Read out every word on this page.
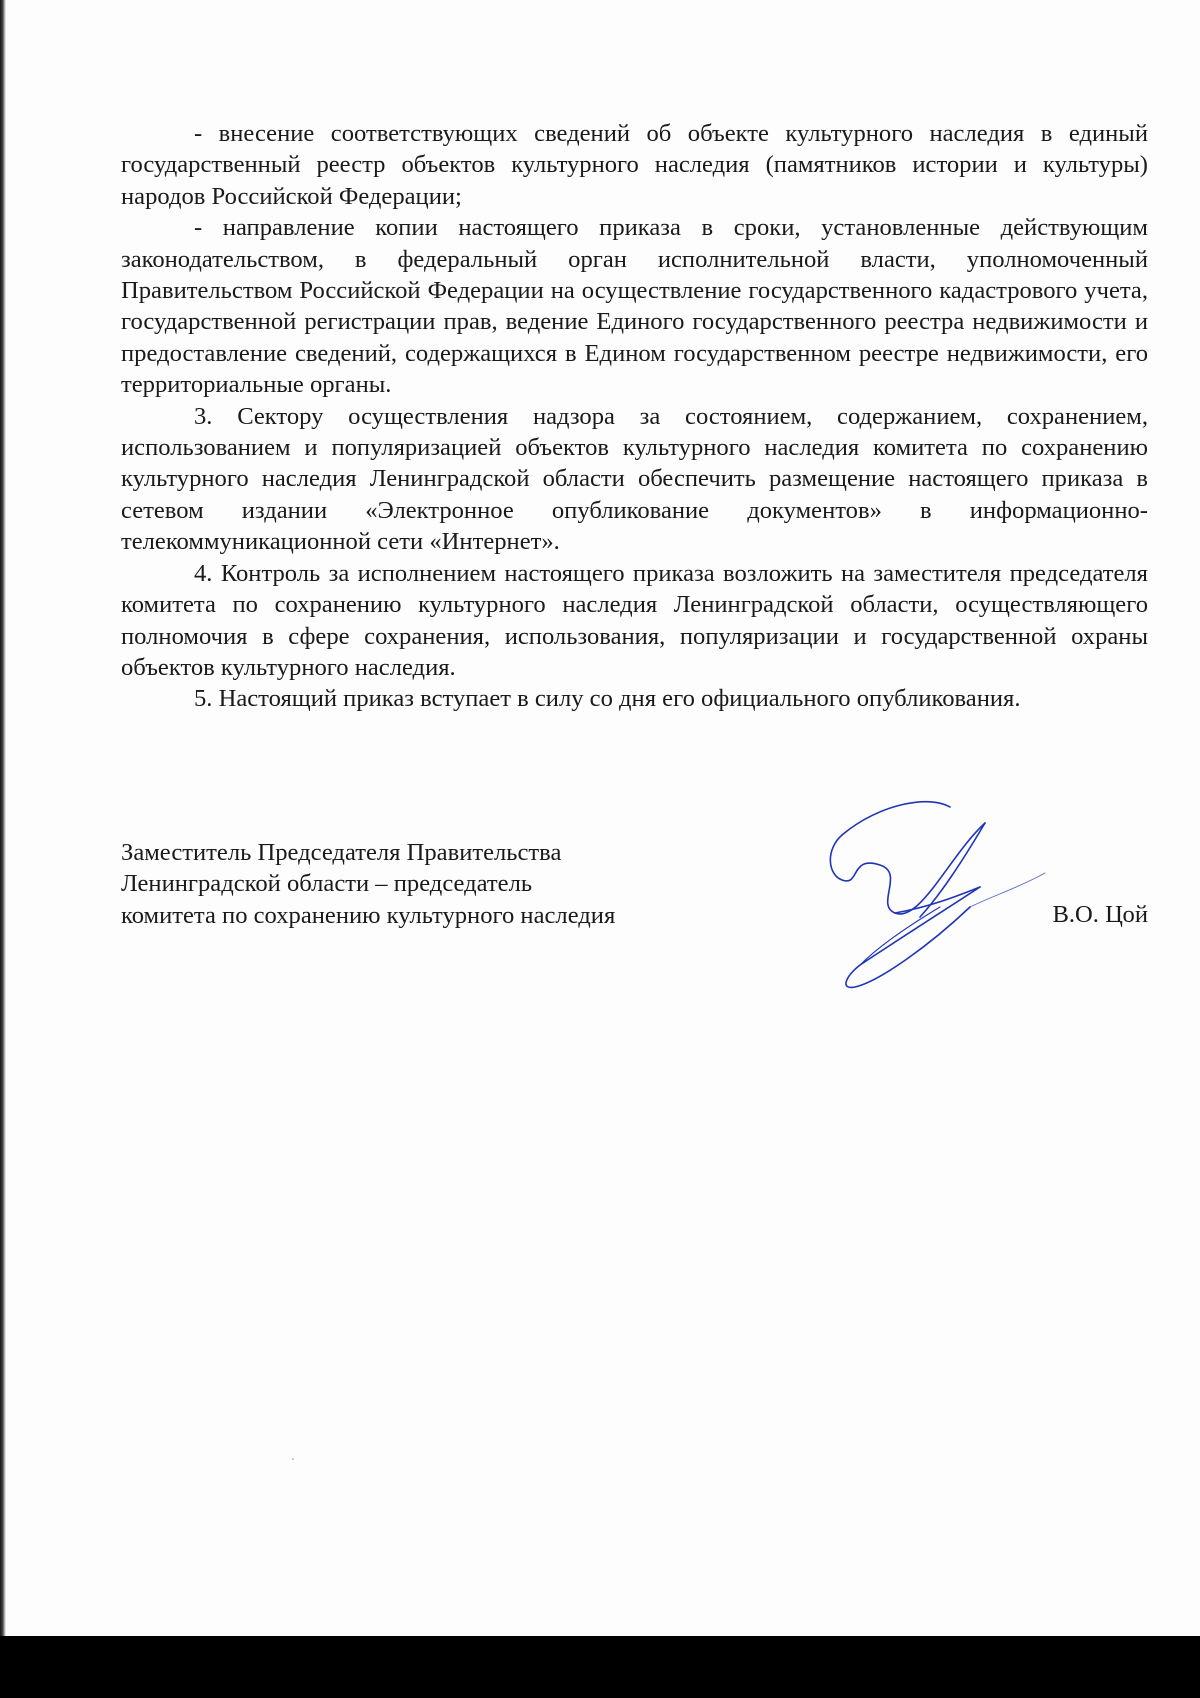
- внесение соответствующих сведений об объекте культурного наследия в единый государственный реестр объектов культурного наследия (памятников истории и культуры) народов Российской Федерации;

- направление копии настоящего приказа в сроки, установленные действующим законодательством, в федеральный орган исполнительной власти, уполномоченный Правительством Российской Федерации на осуществление государственного кадастрового учета, государственной регистрации прав, ведение Единого государственного реестра недвижимости и предоставление сведений, содержащихся в Едином государственном реестре недвижимости, его территориальные органы.

3. Сектору осуществления надзора за состоянием, содержанием, сохранением, использованием и популяризацией объектов культурного наследия комитета по сохранению культурного наследия Ленинградской области обеспечить размещение настоящего приказа в сетевом издании «Электронное опубликование документов» в информационно-телекоммуникационной сети «Интернет».

4. Контроль за исполнением настоящего приказа возложить на заместителя председателя комитета по сохранению культурного наследия Ленинградской области, осуществляющего полномочия в сфере сохранения, использования, популяризации и государственной охраны объектов культурного наследия.

5. Настоящий приказ вступает в силу со дня его официального опубликования.

Заместитель Председателя Правительства
Ленинградской области – председатель
комитета по сохранению культурного наследия	В.О. Цой
